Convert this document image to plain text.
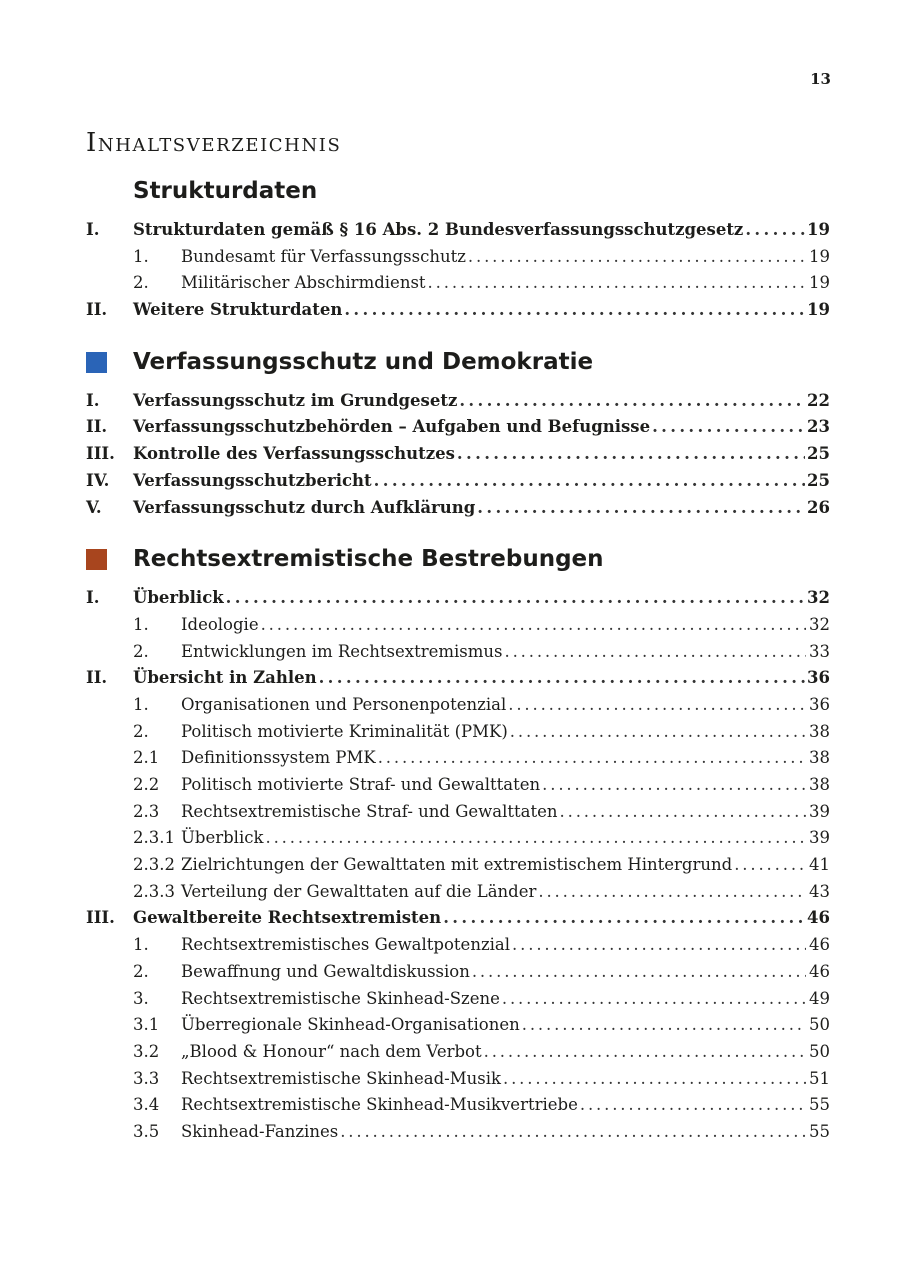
13
Inhaltsverzeichnis
Strukturdaten
I.	Strukturdaten gemäß § 16 Abs. 2 Bundesverfassungsschutzgesetz . . .	19
1.	Bundesamt für Verfassungsschutz . . .	19
2.	Militärischer Abschirmdienst . . .	19
II.	Weitere Strukturdaten . . .	19
Verfassungsschutz und Demokratie
I.	Verfassungsschutz im Grundgesetz . . .	22
II.	Verfassungsschutzbehörden – Aufgaben und Befugnisse . . .	23
III.	Kontrolle des Verfassungsschutzes . . .	25
IV.	Verfassungsschutzbericht . . .	25
V.	Verfassungsschutz durch Aufklärung . . .	26
Rechtsextremistische Bestrebungen
I.	Überblick . . .	32
1.	Ideologie . . .	32
2.	Entwicklungen im Rechtsextremismus . . .	33
II.	Übersicht in Zahlen . . .	36
1.	Organisationen und Personenpotenzial . . .	36
2.	Politisch motivierte Kriminalität (PMK) . . .	38
2.1	Definitionssystem PMK . . .	38
2.2	Politisch motivierte Straf- und Gewalttaten . . .	38
2.3	Rechtsextremistische Straf- und Gewalttaten . . .	39
2.3.1 Überblick . . .	39
2.3.2 Zielrichtungen der Gewalttaten mit extremistischem Hintergrund . . .	41
2.3.3 Verteilung der Gewalttaten auf die Länder . . .	43
III.	Gewaltbereite Rechtsextremisten . . .	46
1.	Rechtsextremistisches Gewaltpotenzial . . .	46
2.	Bewaffnung und Gewaltdiskussion . . .	46
3.	Rechtsextremistische Skinhead-Szene . . .	49
3.1	Überregionale Skinhead-Organisationen . . .	50
3.2	„Blood & Honour“ nach dem Verbot . . .	50
3.3	Rechtsextremistische Skinhead-Musik . . .	51
3.4	Rechtsextremistische Skinhead-Musikvertriebe . . .	55
3.5	Skinhead-Fanzines . . .	55
